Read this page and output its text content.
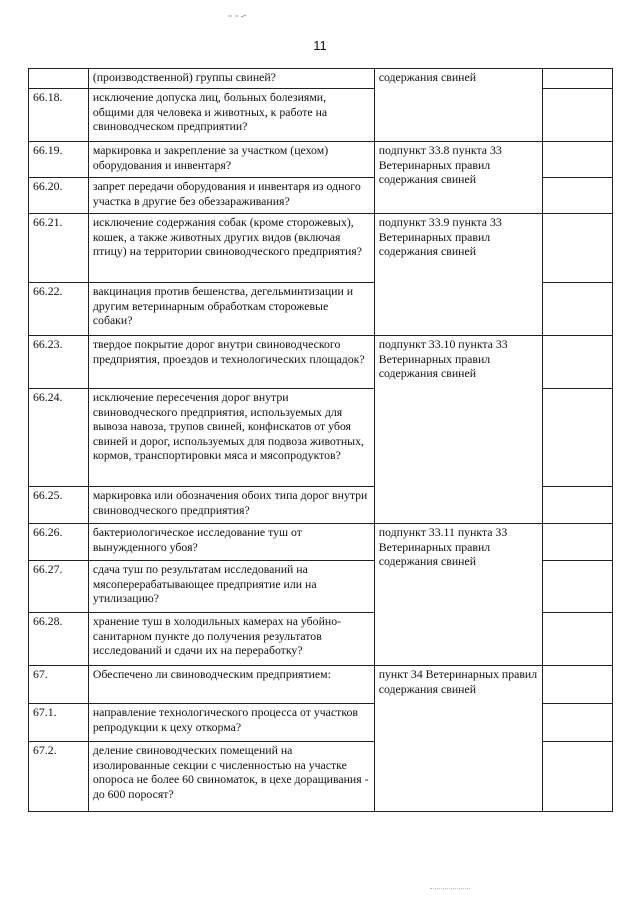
11
	(производственной) группы свиней?	содержания свиней	
66.18.	исключение допуска лиц, больных болезиями, общими для человека и животных, к работе на свиноводческом предприятии?		
66.19.	маркировка и закрепление за участком (цехом) оборудования и инвентаря?	подпункт 33.8 пункта 33 Ветеринарных правил содержания свиней	
66.20.	запрет передачи оборудования и инвентаря из одного участка в другие без обеззараживания?		
66.21.	исключение содержания собак (кроме сторожевых), кошек, а также животных других видов (включая птицу) на территории свиноводческого предприятия?	подпункт 33.9 пункта 33 Ветеринарных правил содержания свиней	
66.22.	вакцинация против бешенства, дегельминтизации и другим ветеринарным обработкам сторожевые собаки?		
66.23.	твердое покрытие дорог внутри свиноводческого предприятия, проездов и технологических площадок?	подпункт 33.10 пункта 33 Ветеринарных правил содержания свиней	
66.24.	исключение пересечения дорог внутри свиноводческого предприятия, используемых для вывоза навоза, трупов свиней, конфискатов от убоя свиней и дорог, используемых для подвоза животных, кормов, транспортировки мяса и мясопродуктов?		
66.25.	маркировка или обозначения обоих типа дорог внутри свиноводческого предприятия?		
66.26.	бактериологическое исследование туш от вынужденного убоя?	подпункт 33.11 пункта 33 Ветеринарных правил содержания свиней	
66.27.	сдача туш по результатам исследований на мясоперерабатывающее предприятие или на утилизацию?		
66.28.	хранение туш в холодильных камерах на убойно-санитарном пункте до получения результатов исследований и сдачи их на переработку?		
67.	Обеспечено ли свиноводческим предприятием:	пункт 34 Ветеринарных правил содержания свиней	
67.1.	направление технологического процесса от участков репродукции к цеху откорма?		
67.2.	деление свиноводческих помещений на изолированные секции с численностью на участке опороса не более 60 свиноматок, в цехе доращивания - до 600 поросят?		
